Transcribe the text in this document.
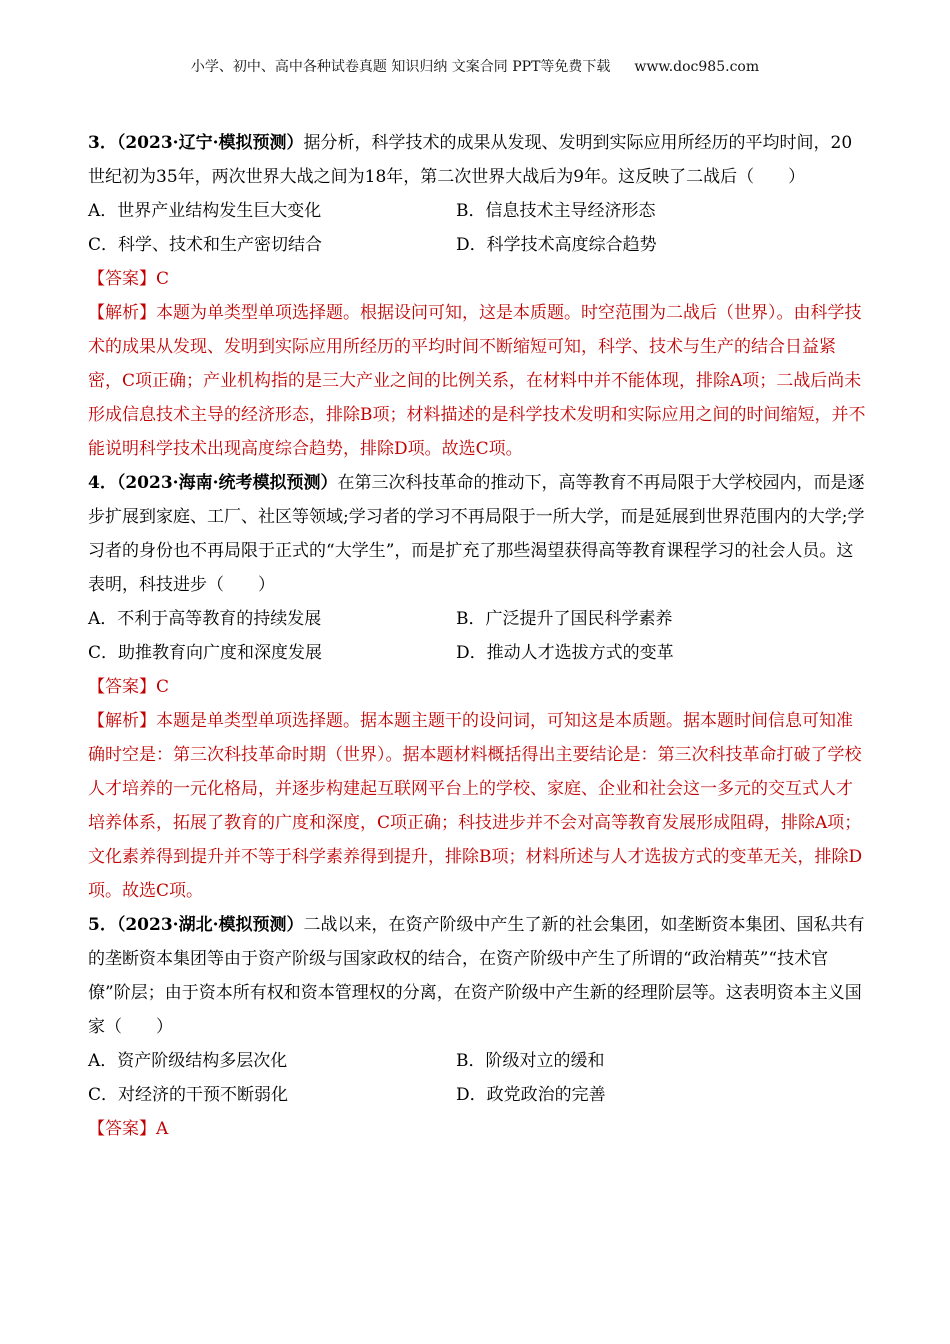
小学、初中、高中各种试卷真题 知识归纳 文案合同 PPT等免费下载 www.doc985.com
3．（2023·辽宁·模拟预测）据分析，科学技术的成果从发现、发明到实际应用所经历的平均时间，20世纪初为35年，两次世界大战之间为18年，第二次世界大战后为9年。这反映了二战后（　　）
A．世界产业结构发生巨大变化	B．信息技术主导经济形态
C．科学、技术和生产密切结合	D．科学技术高度综合趋势
【答案】C
【解析】本题为单类型单项选择题。根据设问可知，这是本质题。时空范围为二战后（世界）。由科学技术的成果从发现、发明到实际应用所经历的平均时间不断缩短可知，科学、技术与生产的结合日益紧密，C项正确；产业机构指的是三大产业之间的比例关系，在材料中并不能体现，排除A项；二战后尚未形成信息技术主导的经济形态，排除B项；材料描述的是科学技术发明和实际应用之间的时间缩短，并不能说明科学技术出现高度综合趋势，排除D项。故选C项。
4．（2023·海南·统考模拟预测）在第三次科技革命的推动下，高等教育不再局限于大学校园内，而是逐步扩展到家庭、工厂、社区等领域;学习者的学习不再局限于一所大学，而是延展到世界范围内的大学;学习者的身份也不再局限于正式的“大学生”，而是扩充了那些渴望获得高等教育课程学习的社会人员。这表明，科技进步（　　）
A．不利于高等教育的持续发展	B．广泛提升了国民科学素养
C．助推教育向广度和深度发展	D．推动人才选拔方式的变革
【答案】C
【解析】本题是单类型单项选择题。据本题主题干的设问词，可知这是本质题。据本题时间信息可知准确时空是：第三次科技革命时期（世界）。据本题材料概括得出主要结论是：第三次科技革命打破了学校人才培养的一元化格局，并逐步构建起互联网平台上的学校、家庭、企业和社会这一多元的交互式人才培养体系，拓展了教育的广度和深度，C项正确；科技进步并不会对高等教育发展形成阻碍，排除A项；文化素养得到提升并不等于科学素养得到提升，排除B项；材料所述与人才选拔方式的变革无关，排除D项。故选C项。
5．（2023·湖北·模拟预测）二战以来，在资产阶级中产生了新的社会集团，如垄断资本集团、国私共有的垄断资本集团等由于资产阶级与国家政权的结合，在资产阶级中产生了所谓的“政治精英”“技术官僚”阶层；由于资本所有权和资本管理权的分离，在资产阶级中产生新的经理阶层等。这表明资本主义国家（　　）
A．资产阶级结构多层次化	B．阶级对立的缓和
C．对经济的干预不断弱化	D．政党政治的完善
【答案】A
